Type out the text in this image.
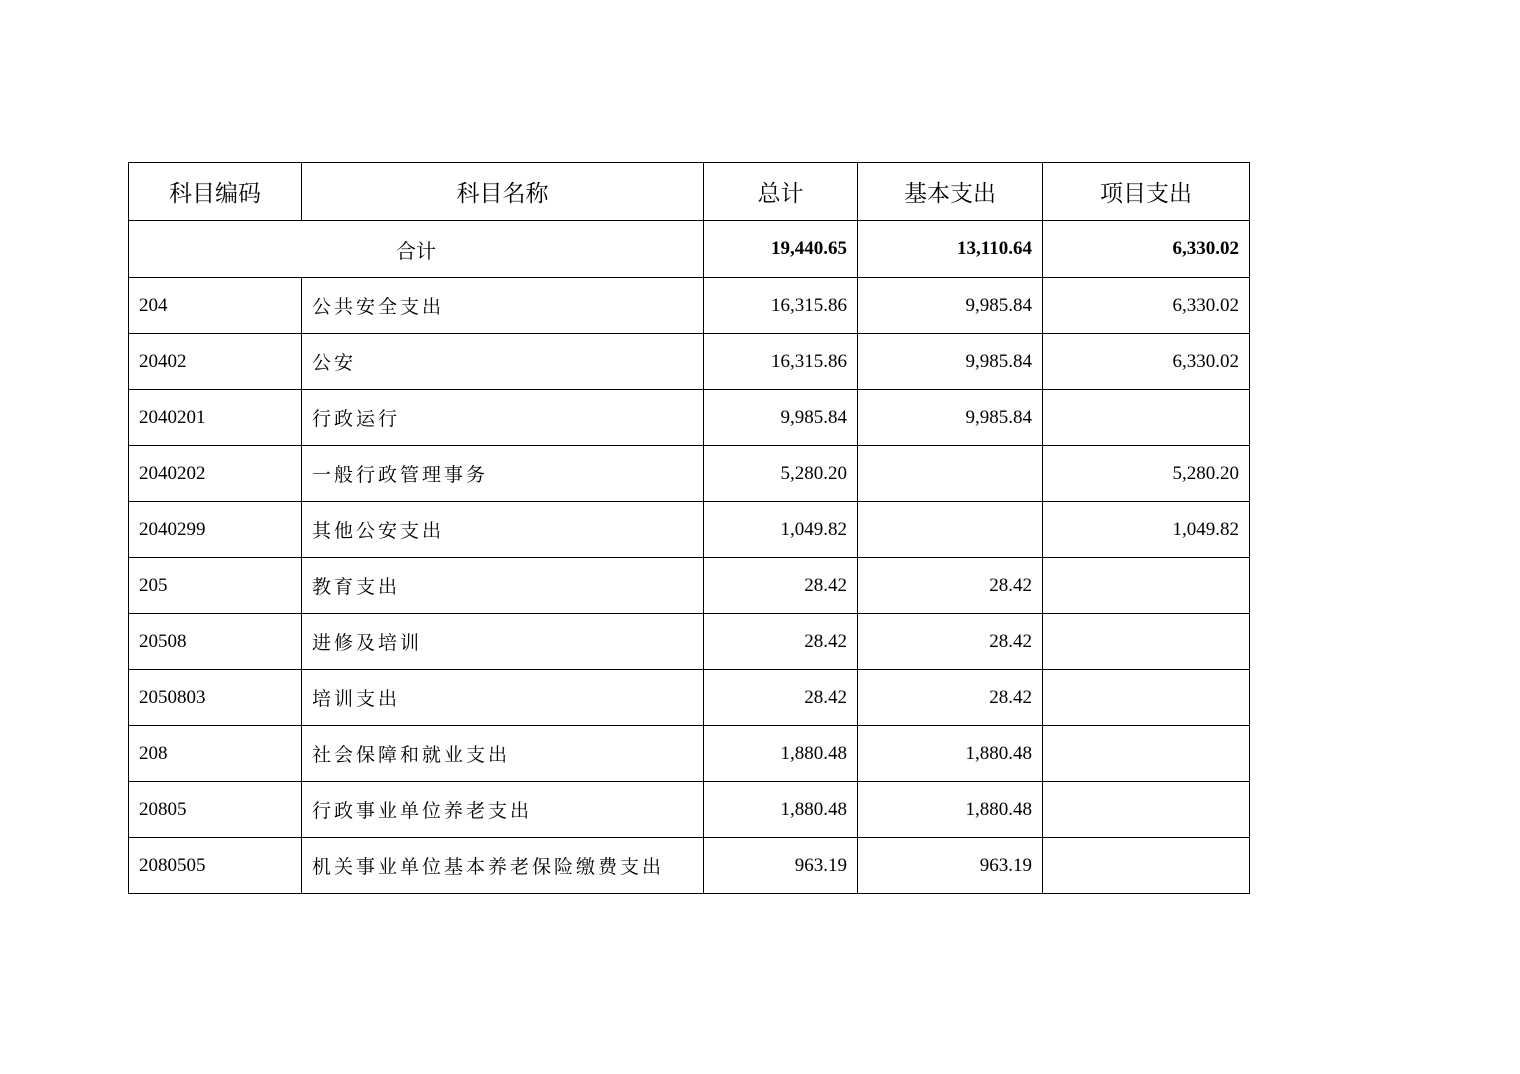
科目编码	科目名称	总计	基本支出	项目支出
合计		19,440.65	13,110.64	6,330.02
204	公共安全支出	16,315.86	9,985.84	6,330.02
20402	公安	16,315.86	9,985.84	6,330.02
2040201	行政运行	9,985.84	9,985.84	
2040202	一般行政管理事务	5,280.20		5,280.20
2040299	其他公安支出	1,049.82		1,049.82
205	教育支出	28.42	28.42	
20508	进修及培训	28.42	28.42	
2050803	培训支出	28.42	28.42	
208	社会保障和就业支出	1,880.48	1,880.48	
20805	行政事业单位养老支出	1,880.48	1,880.48	
2080505	机关事业单位基本养老保险缴费支出	963.19	963.19	
